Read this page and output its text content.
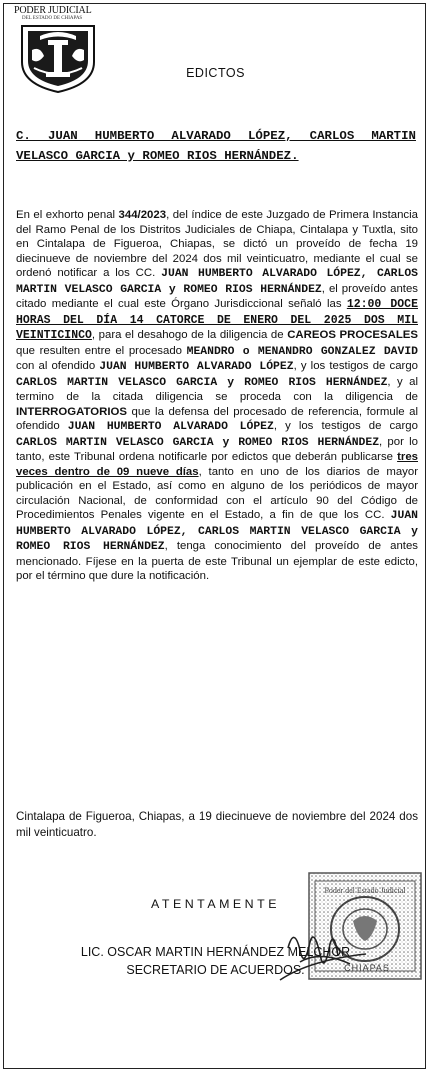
PODER JUDICIAL
DEL ESTADO DE CHIAPAS
EDICTOS
C. JUAN HUMBERTO ALVARADO LÓPEZ, CARLOS MARTIN VELASCO GARCIA y ROMEO RIOS HERNÁNDEZ.
En el exhorto penal 344/2023, del índice de este Juzgado de Primera Instancia del Ramo Penal de los Distritos Judiciales de Chiapa, Cintalapa y Tuxtla, sito en Cintalapa de Figueroa, Chiapas, se dictó un proveído de fecha 19 diecinueve de noviembre del 2024 dos mil veinticuatro, mediante el cual se ordenó notificar a los CC. JUAN HUMBERTO ALVARADO LÓPEZ, CARLOS MARTIN VELASCO GARCIA y ROMEO RIOS HERNÁNDEZ, el proveído antes citado mediante el cual este Órgano Jurisdiccional señaló las 12:00 DOCE HORAS DEL DÍA 14 CATORCE DE ENERO DEL 2025 DOS MIL VEINTICINCO, para el desahogo de la diligencia de CAREOS PROCESALES que resulten entre el procesado MEANDRO o MENANDRO GONZALEZ DAVID con al ofendido JUAN HUMBERTO ALVARADO LÓPEZ, y los testigos de cargo CARLOS MARTIN VELASCO GARCIA y ROMEO RIOS HERNÁNDEZ, y al termino de la citada diligencia se proceda con la diligencia de INTERROGATORIOS que la defensa del procesado de referencia, formule al ofendido JUAN HUMBERTO ALVARADO LÓPEZ, y los testigos de cargo CARLOS MARTIN VELASCO GARCIA y ROMEO RIOS HERNÁNDEZ, por lo tanto, este Tribunal ordena notificarle por edictos que deberán publicarse tres veces dentro de 09 nueve días, tanto en uno de los diarios de mayor publicación en el Estado, así como en alguno de los periódicos de mayor circulación Nacional, de conformidad con el artículo 90 del Código de Procedimientos Penales vigente en el Estado, a fin de que los CC. JUAN HUMBERTO ALVARADO LÓPEZ, CARLOS MARTIN VELASCO GARCIA y ROMEO RIOS HERNÁNDEZ, tenga conocimiento del proveído de antes mencionado. Fíjese en la puerta de este Tribunal un ejemplar de este edicto, por el término que dure la notificación.
Cintalapa de Figueroa, Chiapas, a 19 diecinueve de noviembre del 2024 dos mil veinticuatro.
ATENTAMENTE
Poder del Estado Judicial
CHIAPAS
LIC. OSCAR MARTIN HERNÁNDEZ MELCHOR
SECRETARIO DE ACUERDOS.
